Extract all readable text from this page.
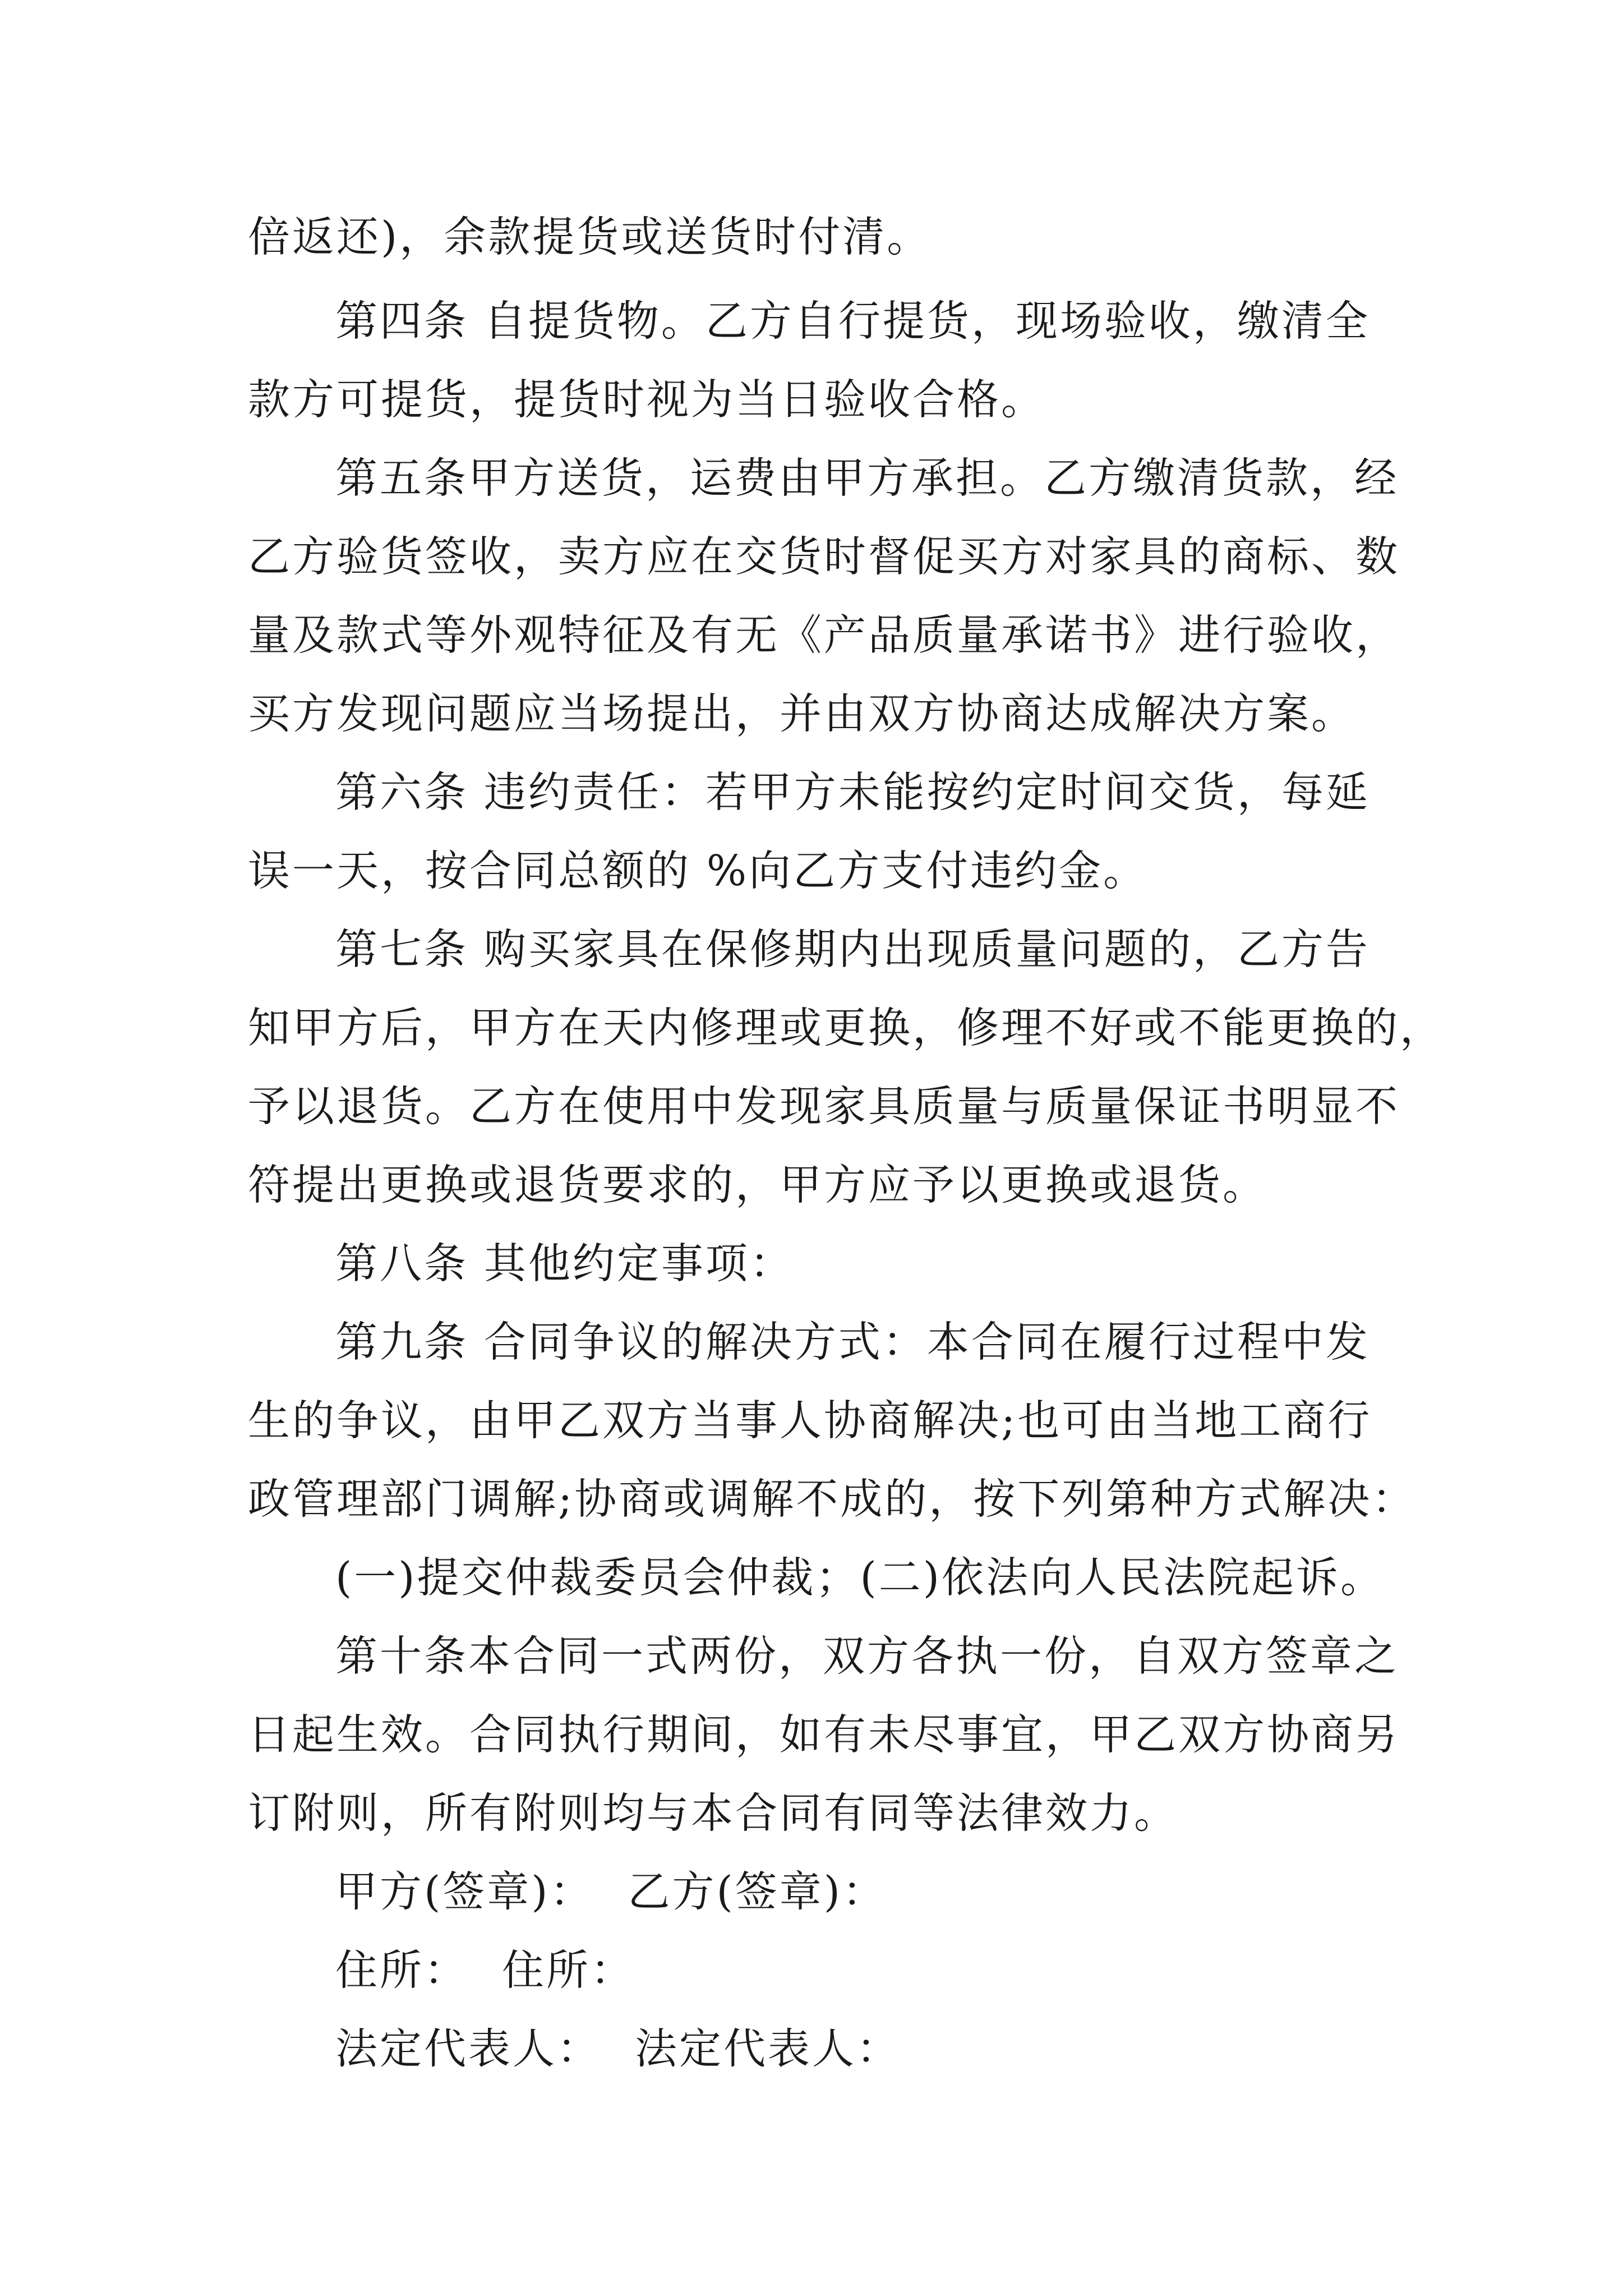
倍返还)，余款提货或送货时付清。
第四条 自提货物。乙方自行提货，现场验收，缴清全
款方可提货，提货时视为当日验收合格。
第五条甲方送货，运费由甲方承担。乙方缴清货款，经
乙方验货签收，卖方应在交货时督促买方对家具的商标、数
量及款式等外观特征及有无《产品质量承诺书》进行验收，
买方发现问题应当场提出，并由双方协商达成解决方案。
第六条 违约责任：若甲方未能按约定时间交货，每延
误一天，按合同总额的 %向乙方支付违约金。
第七条 购买家具在保修期内出现质量问题的，乙方告
知甲方后，甲方在天内修理或更换，修理不好或不能更换的，
予以退货。乙方在使用中发现家具质量与质量保证书明显不
符提出更换或退货要求的，甲方应予以更换或退货。
第八条 其他约定事项：
第九条 合同争议的解决方式：本合同在履行过程中发
生的争议，由甲乙双方当事人协商解决;也可由当地工商行
政管理部门调解;协商或调解不成的，按下列第种方式解决：
(一)提交仲裁委员会仲裁；(二)依法向人民法院起诉。
第十条本合同一式两份，双方各执一份，自双方签章之
日起生效。合同执行期间，如有未尽事宜，甲乙双方协商另
订附则，所有附则均与本合同有同等法律效力。
甲方(签章)： 乙方(签章)：
住所： 住所：
法定代表人： 法定代表人：
